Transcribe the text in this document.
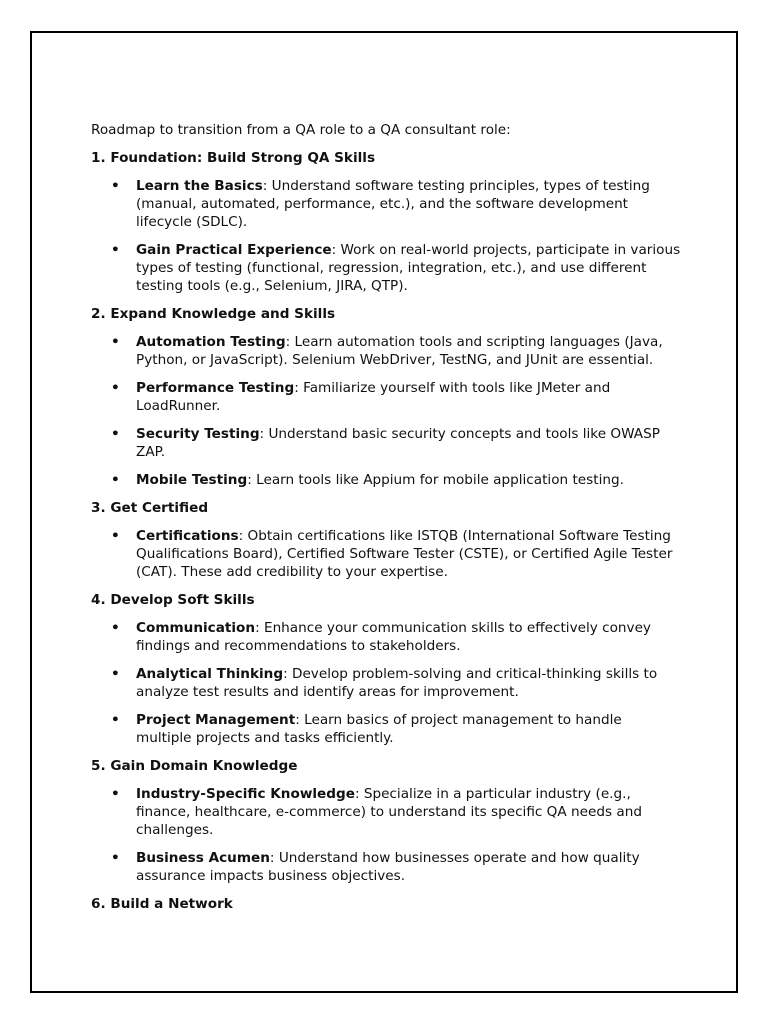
Roadmap to transition from a QA role to a QA consultant role:

1. Foundation: Build Strong QA Skills

• Learn the Basics: Understand software testing principles, types of testing (manual, automated, performance, etc.), and the software development lifecycle (SDLC).
• Gain Practical Experience: Work on real-world projects, participate in various types of testing (functional, regression, integration, etc.), and use different testing tools (e.g., Selenium, JIRA, QTP).

2. Expand Knowledge and Skills

• Automation Testing: Learn automation tools and scripting languages (Java, Python, or JavaScript). Selenium WebDriver, TestNG, and JUnit are essential.
• Performance Testing: Familiarize yourself with tools like JMeter and LoadRunner.
• Security Testing: Understand basic security concepts and tools like OWASP ZAP.
• Mobile Testing: Learn tools like Appium for mobile application testing.

3. Get Certified

• Certifications: Obtain certifications like ISTQB (International Software Testing Qualifications Board), Certified Software Tester (CSTE), or Certified Agile Tester (CAT). These add credibility to your expertise.

4. Develop Soft Skills

• Communication: Enhance your communication skills to effectively convey findings and recommendations to stakeholders.
• Analytical Thinking: Develop problem-solving and critical-thinking skills to analyze test results and identify areas for improvement.
• Project Management: Learn basics of project management to handle multiple projects and tasks efficiently.

5. Gain Domain Knowledge

• Industry-Specific Knowledge: Specialize in a particular industry (e.g., finance, healthcare, e-commerce) to understand its specific QA needs and challenges.
• Business Acumen: Understand how businesses operate and how quality assurance impacts business objectives.

6. Build a Network
